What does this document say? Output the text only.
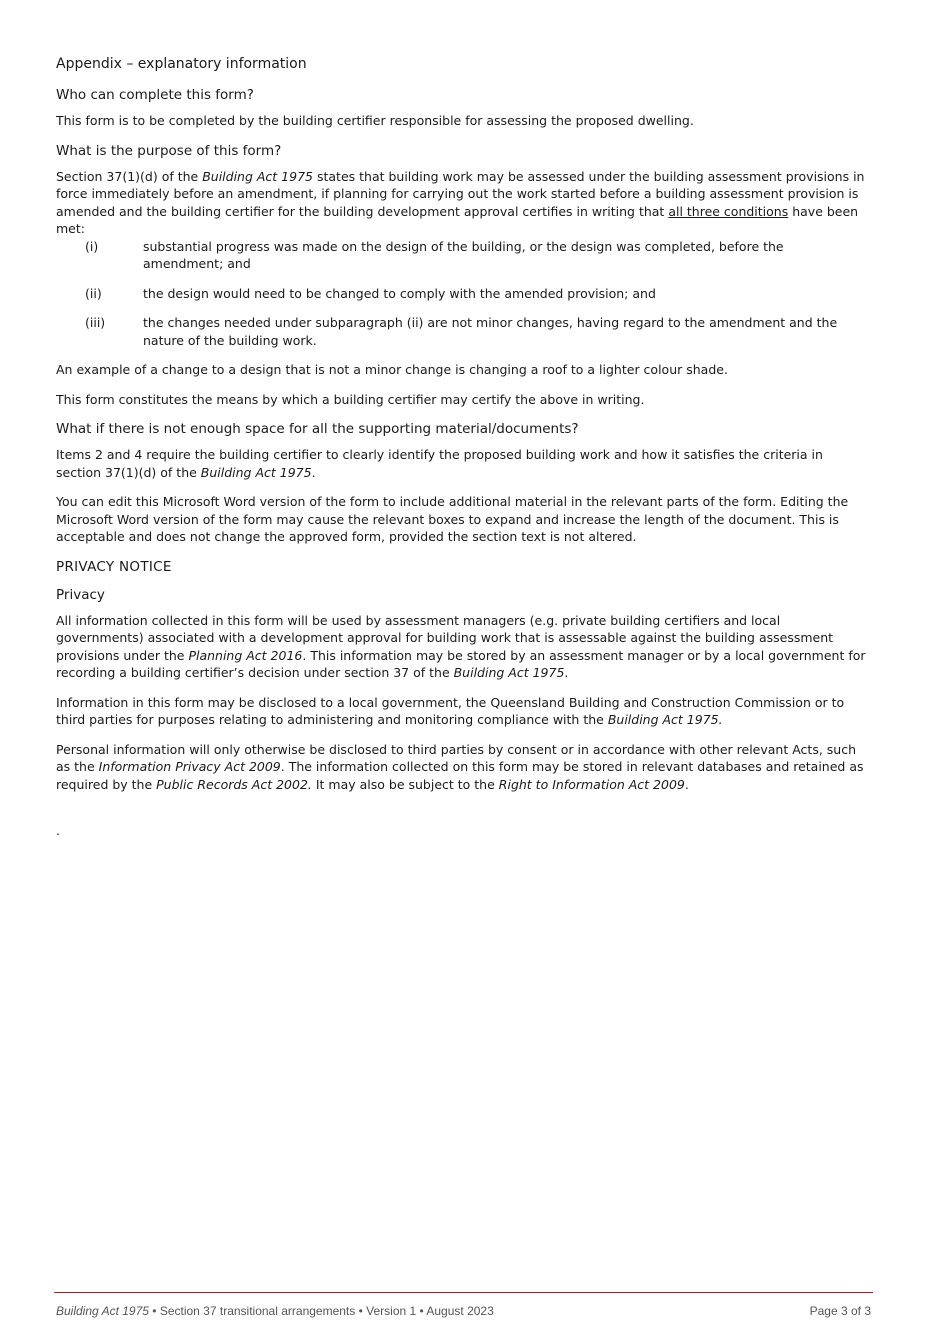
Appendix – explanatory information
Who can complete this form?

This form is to be completed by the building certifier responsible for assessing the proposed dwelling.

What is the purpose of this form?

Section 37(1)(d) of the Building Act 1975 states that building work may be assessed under the building assessment provisions in force immediately before an amendment, if planning for carrying out the work started before a building assessment provision is amended and the building certifier for the building development approval certifies in writing that all three conditions have been met:

(i)	substantial progress was made on the design of the building, or the design was completed, before the amendment; and
(ii)	the design would need to be changed to comply with the amended provision; and
(iii)	the changes needed under subparagraph (ii) are not minor changes, having regard to the amendment and the nature of the building work.

An example of a change to a design that is not a minor change is changing a roof to a lighter colour shade.

This form constitutes the means by which a building certifier may certify the above in writing.

What if there is not enough space for all the supporting material/documents?

Items 2 and 4 require the building certifier to clearly identify the proposed building work and how it satisfies the criteria in section 37(1)(d) of the Building Act 1975.

You can edit this Microsoft Word version of the form to include additional material in the relevant parts of the form. Editing the Microsoft Word version of the form may cause the relevant boxes to expand and increase the length of the document. This is acceptable and does not change the approved form, provided the section text is not altered.

PRIVACY NOTICE
Privacy

All information collected in this form will be used by assessment managers (e.g. private building certifiers and local governments) associated with a development approval for building work that is assessable against the building assessment provisions under the Planning Act 2016. This information may be stored by an assessment manager or by a local government for recording a building certifier’s decision under section 37 of the Building Act 1975.

Information in this form may be disclosed to a local government, the Queensland Building and Construction Commission or to third parties for purposes relating to administering and monitoring compliance with the Building Act 1975.

Personal information will only otherwise be disclosed to third parties by consent or in accordance with other relevant Acts, such as the Information Privacy Act 2009. The information collected on this form may be stored in relevant databases and retained as required by the Public Records Act 2002. It may also be subject to the Right to Information Act 2009.

.
Building Act 1975 • Section 37 transitional arrangements • Version 1 • August 2023	Page 3 of 3
